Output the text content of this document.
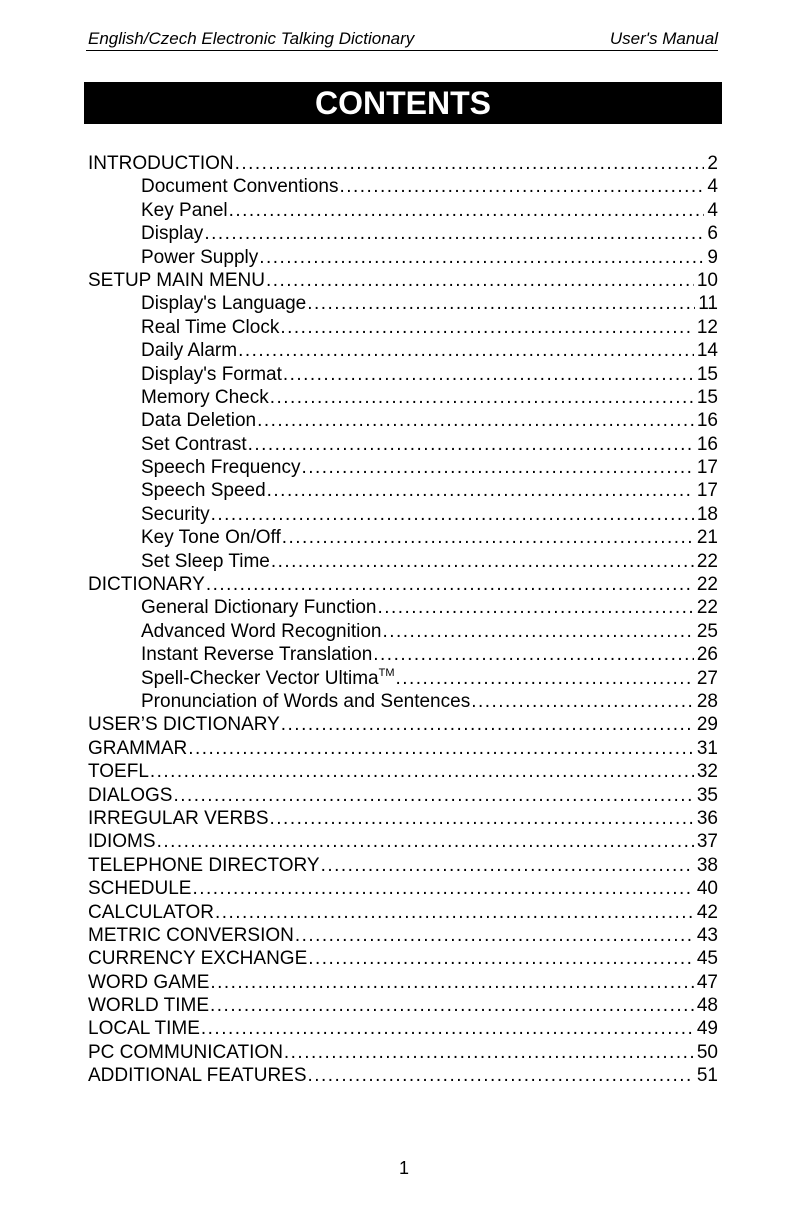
English/Czech Electronic Talking Dictionary	User's Manual
CONTENTS
INTRODUCTION . . .	2
Document Conventions . . .	4
Key Panel . . .	4
Display . . .	6
Power Supply . . .	9
SETUP MAIN MENU . . .	10
Display's Language . . .	11
Real Time Clock . . .	12
Daily Alarm . . .	14
Display's Format . . .	15
Memory Check . . .	15
Data Deletion . . .	16
Set Contrast . . .	16
Speech Frequency . . .	17
Speech Speed . . .	17
Security . . .	18
Key Tone On/Off . . .	21
Set Sleep Time . . .	22
DICTIONARY . . .	22
General Dictionary Function . . .	22
Advanced Word Recognition . . .	25
Instant Reverse Translation . . .	26
Spell-Checker Vector Ultima™ . . .	27
Pronunciation of Words and Sentences . . .	28
USER’S DICTIONARY . . .	29
GRAMMAR . . .	31
TOEFL . . .	32
DIALOGS . . .	35
IRREGULAR VERBS . . .	36
IDIOMS . . .	37
TELEPHONE DIRECTORY . . .	38
SCHEDULE . . .	40
CALCULATOR . . .	42
METRIC CONVERSION . . .	43
CURRENCY EXCHANGE . . .	45
WORD GAME . . .	47
WORLD TIME . . .	48
LOCAL TIME . . .	49
PC COMMUNICATION . . .	50
ADDITIONAL FEATURES . . .	51
1
